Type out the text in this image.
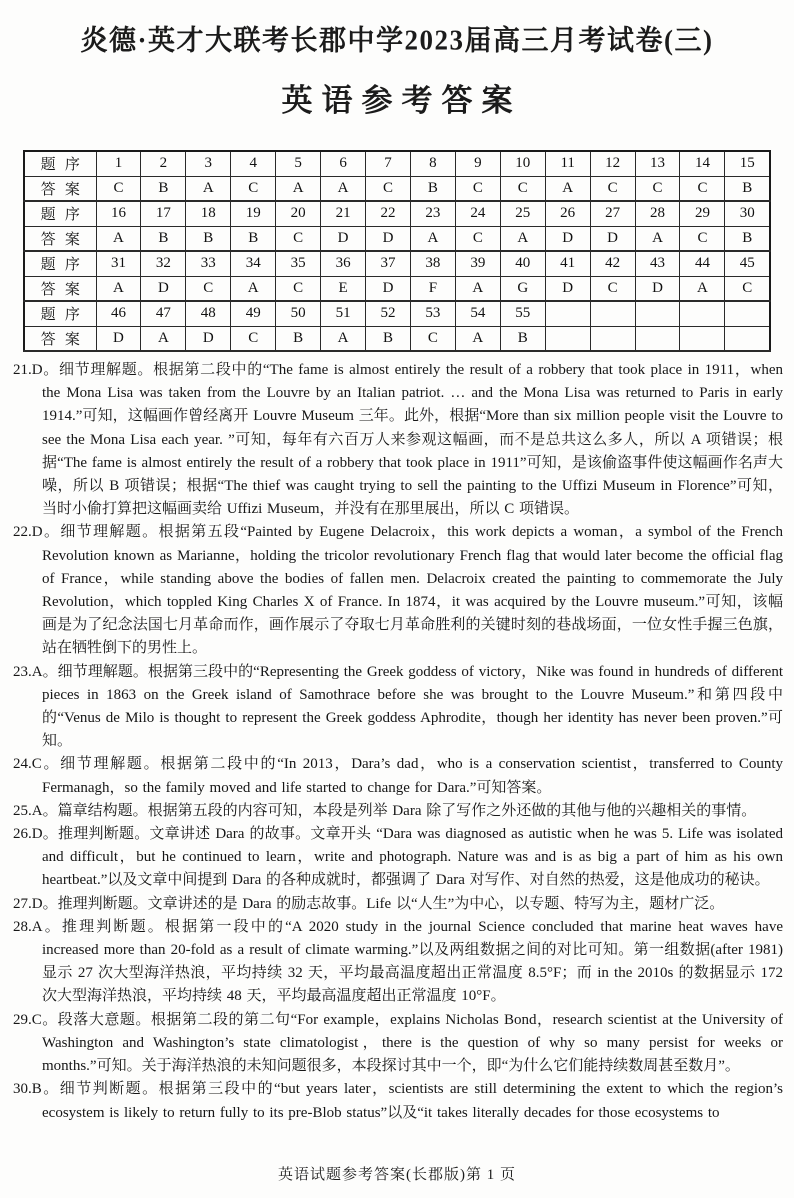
炎德·英才大联考长郡中学2023届高三月考试卷(三)
英语参考答案
题序	1	2	3	4	5	6	7	8	9	10	11	12	13	14	15
答案	C	B	A	C	A	A	C	B	C	C	A	C	C	C	B
题序	16	17	18	19	20	21	22	23	24	25	26	27	28	29	30
答案	A	B	B	B	C	D	D	A	C	A	D	D	A	C	B
题序	31	32	33	34	35	36	37	38	39	40	41	42	43	44	45
答案	A	D	C	A	C	E	D	F	A	G	D	C	D	A	C
题序	46	47	48	49	50	51	52	53	54	55					
答案	D	A	D	C	B	A	B	C	A	B					

21.D。细节理解题。根据第二段中的“The fame is almost entirely the result of a robbery that took place in 1911，when the Mona Lisa was taken from the Louvre by an Italian patriot. … and the Mona Lisa was returned to Paris in early 1914.”可知，这幅画作曾经离开 Louvre Museum 三年。此外，根据“More than six million people visit the Louvre to see the Mona Lisa each year. ”可知，每年有六百万人来参观这幅画，而不是总共这么多人，所以 A 项错误；根据“The fame is almost entirely the result of a robbery that took place in 1911”可知，是该偷盗事件使这幅画作名声大噪，所以 B 项错误；根据“The thief was caught trying to sell the painting to the Uffizi Museum in Florence”可知，当时小偷打算把这幅画卖给 Uffizi Museum，并没有在那里展出，所以 C 项错误。

22.D。细节理解题。根据第五段“Painted by Eugene Delacroix，this work depicts a woman，a symbol of the French Revolution known as Marianne，holding the tricolor revolutionary French flag that would later become the official flag of France，while standing above the bodies of fallen men. Delacroix created the painting to commemorate the July Revolution，which toppled King Charles X of France. In 1874，it was acquired by the Louvre museum.”可知，该幅画是为了纪念法国七月革命而作，画作展示了夺取七月革命胜利的关键时刻的巷战场面，一位女性手握三色旗，站在牺牲倒下的男性上。

23.A。细节理解题。根据第三段中的“Representing the Greek goddess of victory，Nike was found in hundreds of different pieces in 1863 on the Greek island of Samothrace before she was brought to the Louvre Museum.”和第四段中的“Venus de Milo is thought to represent the Greek goddess Aphrodite，though her identity has never been proven.”可知。

24.C。细节理解题。根据第二段中的“In 2013，Dara’s dad，who is a conservation scientist，transferred to County Fermanagh，so the family moved and life started to change for Dara.”可知答案。

25.A。篇章结构题。根据第五段的内容可知，本段是列举 Dara 除了写作之外还做的其他与他的兴趣相关的事情。

26.D。推理判断题。文章讲述 Dara 的故事。文章开头 “Dara was diagnosed as autistic when he was 5. Life was isolated and difficult，but he continued to learn，write and photograph. Nature was and is as big a part of him as his own heartbeat.”以及文章中间提到 Dara 的各种成就时，都强调了 Dara 对写作、对自然的热爱，这是他成功的秘诀。

27.D。推理判断题。文章讲述的是 Dara 的励志故事。Life 以“人生”为中心，以专题、特写为主，题材广泛。

28.A。推理判断题。根据第一段中的“A 2020 study in the journal Science concluded that marine heat waves have increased more than 20-fold as a result of climate warming.”以及两组数据之间的对比可知。第一组数据(after 1981)显示 27 次大型海洋热浪，平均持续 32 天，平均最高温度超出正常温度 8.5°F；而 in the 2010s 的数据显示 172 次大型海洋热浪，平均持续 48 天，平均最高温度超出正常温度 10°F。

29.C。段落大意题。根据第二段的第二句“For example，explains Nicholas Bond，research scientist at the University of Washington and Washington’s state climatologist，there is the question of why so many persist for weeks or months.”可知。关于海洋热浪的未知问题很多，本段探讨其中一个，即“为什么它们能持续数周甚至数月”。

30.B。细节判断题。根据第三段中的“but years later，scientists are still determining the extent to which the region’s ecosystem is likely to return fully to its pre-Blob status”以及“it takes literally decades for those ecosystems to

英语试题参考答案(长郡版)第 1 页
